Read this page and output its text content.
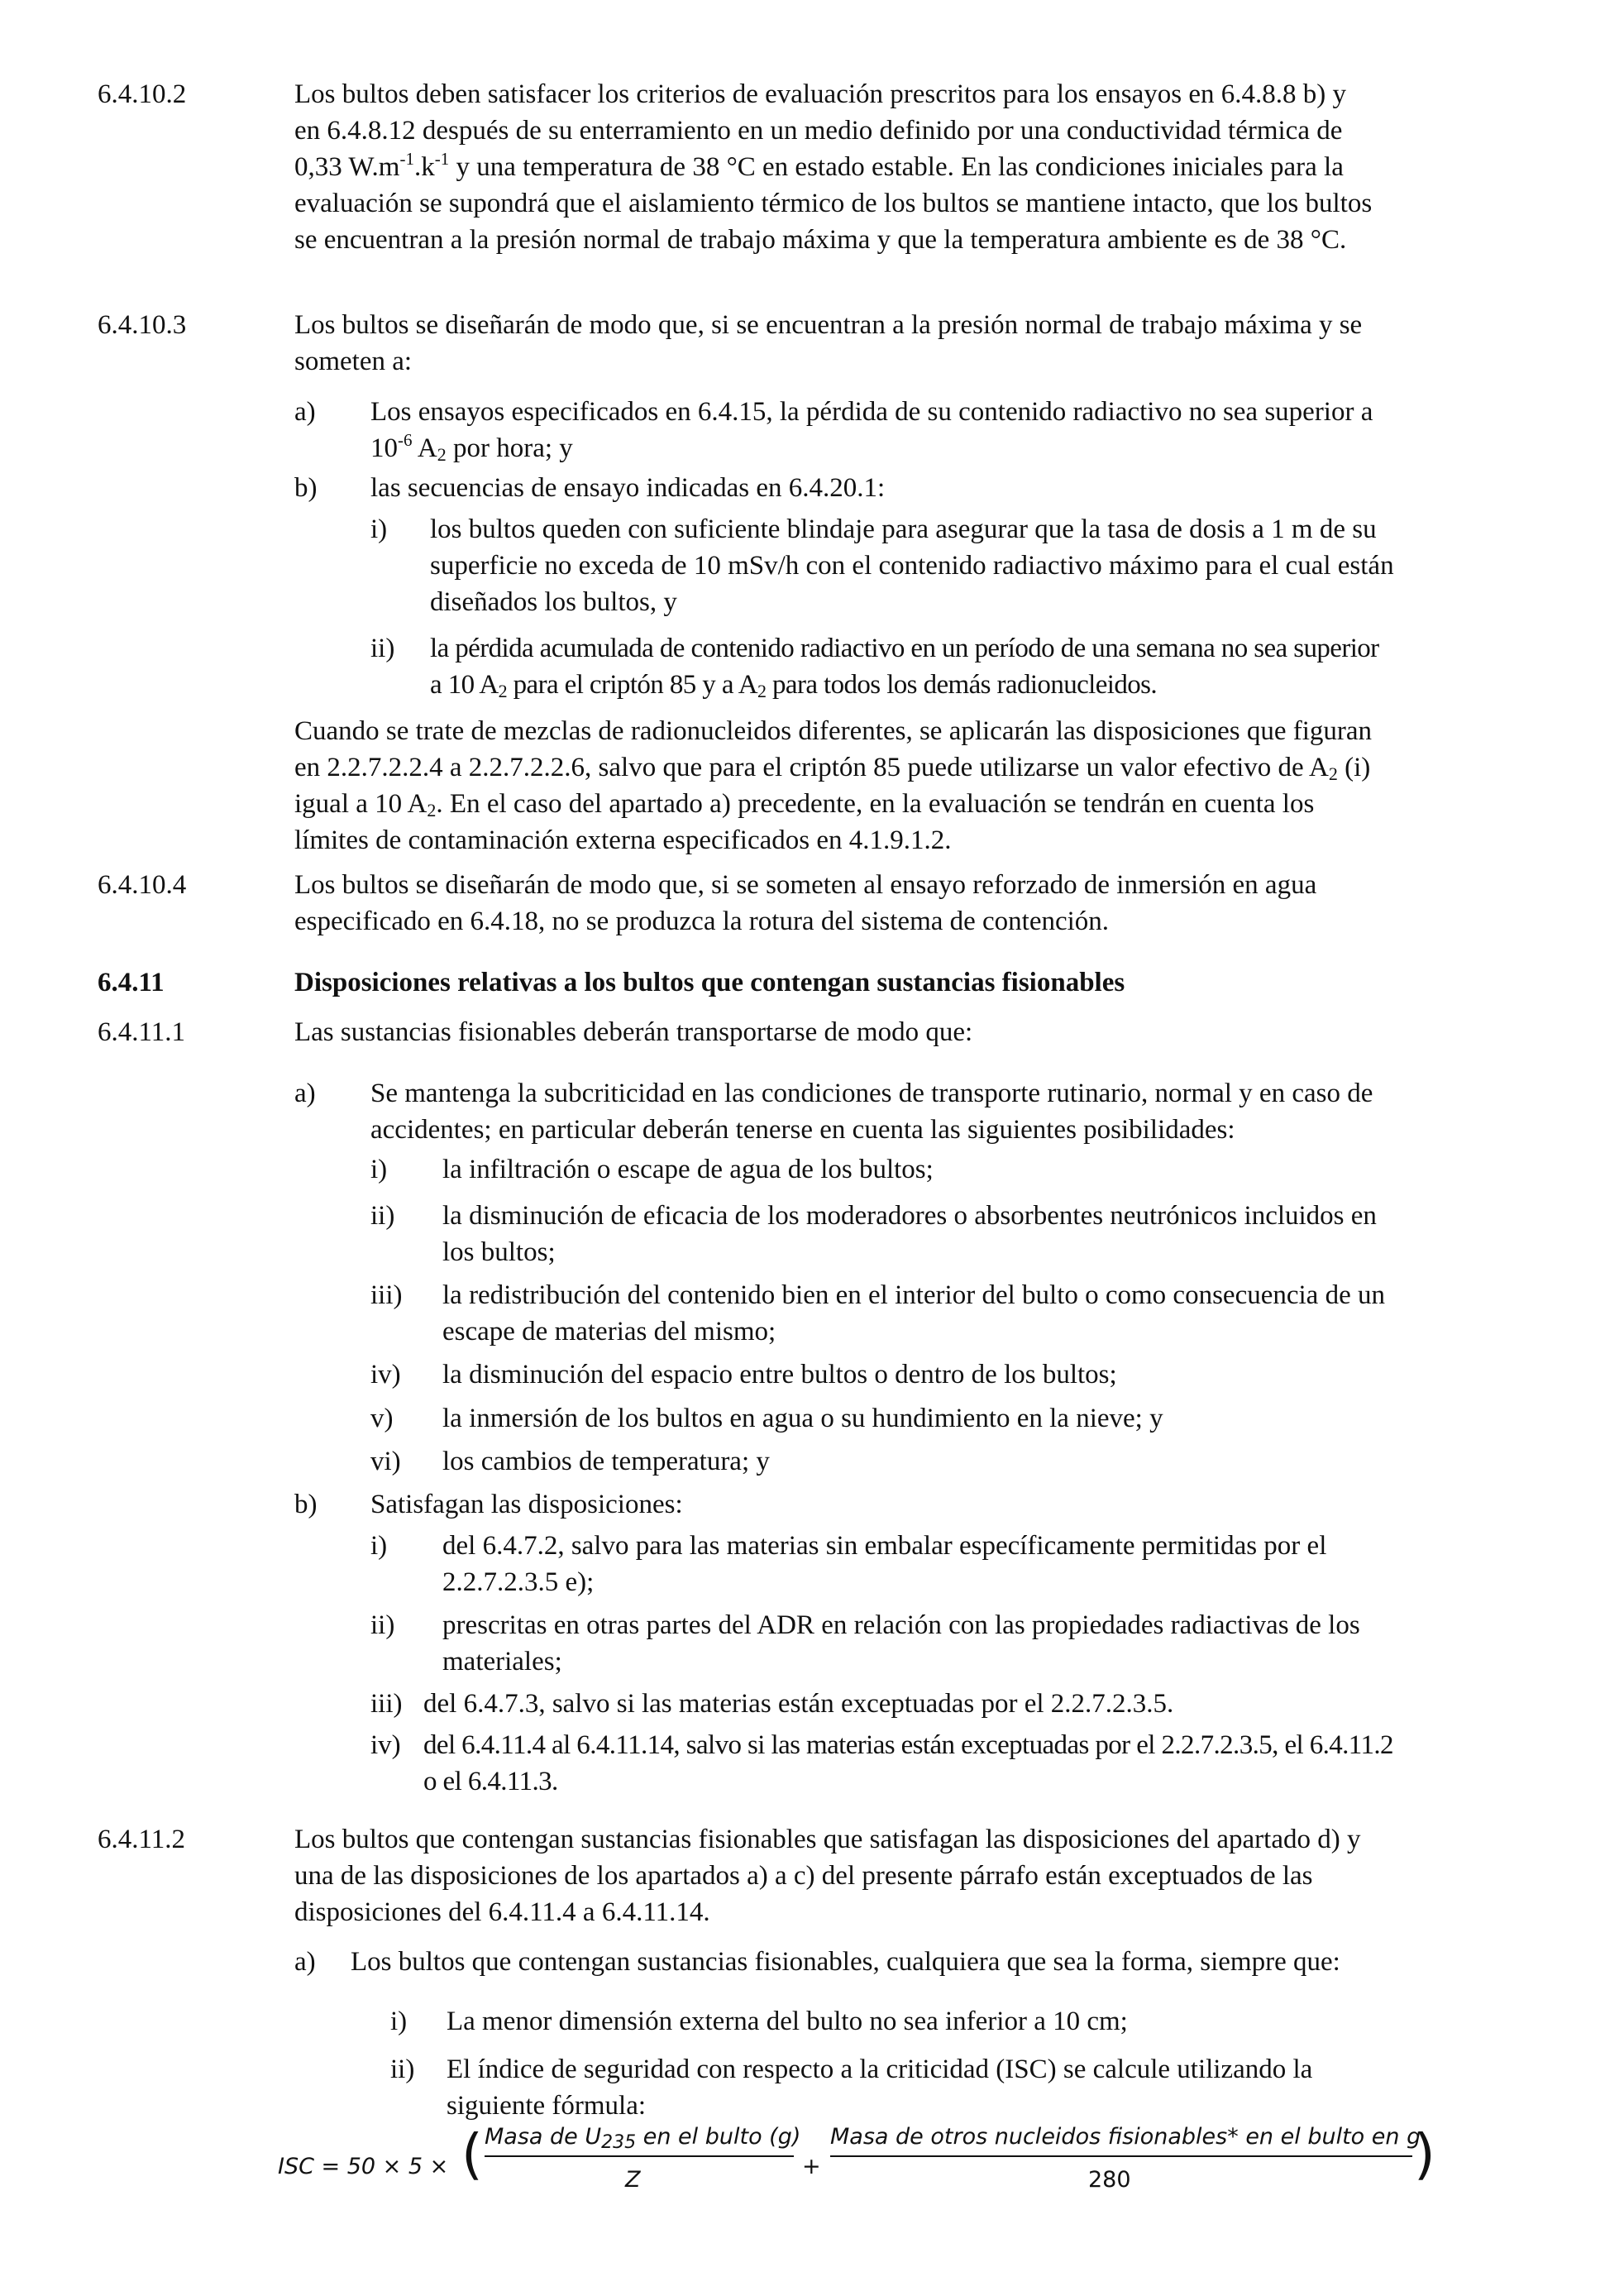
6.4.10.2	Los bultos deben satisfacer los criterios de evaluación prescritos para los ensayos en 6.4.8.8 b) y
en 6.4.8.12 después de su enterramiento en un medio definido por una conductividad térmica de
0,33 $W.m^{-1}.k^{-1}$ y una temperatura de 38 °C en estado estable. En las condiciones iniciales para la
evaluación se supondrá que el aislamiento térmico de los bultos se mantiene intacto, que los bultos
se encuentran a la presión normal de trabajo máxima y que la temperatura ambiente es de 38 °C.
6.4.10.3	Los bultos se diseñarán de modo que, si se encuentran a la presión normal de trabajo máxima y se
someten a:
a) Los ensayos especificados en 6.4.15, la pérdida de su contenido radiactivo no sea superior a
$10^{-6}$ $A_2$ por hora; y
b) las secuencias de ensayo indicadas en 6.4.20.1:
i) los bultos queden con suficiente blindaje para asegurar que la tasa de dosis a 1 m de su
superficie no exceda de 10 mSv/h con el contenido radiactivo máximo para el cual están
diseñados los bultos, y
ii) la pérdida acumulada de contenido radiactivo en un período de una semana no sea superior
a 10 $A_2$ para el criptón 85 y a $A_2$ para todos los demás radionucleidos.
Cuando se trate de mezclas de radionucleidos diferentes, se aplicarán las disposiciones que figuran
en 2.2.7.2.2.4 a 2.2.7.2.2.6, salvo que para el criptón 85 puede utilizarse un valor efectivo de $A_2$ (i)
igual a 10 $A_2$. En el caso del apartado a) precedente, en la evaluación se tendrán en cuenta los
límites de contaminación externa especificados en 4.1.9.1.2.
6.4.10.4	Los bultos se diseñarán de modo que, si se someten al ensayo reforzado de inmersión en agua
especificado en 6.4.18, no se produzca la rotura del sistema de contención.
6.4.11	Disposiciones relativas a los bultos que contengan sustancias fisionables
6.4.11.1	Las sustancias fisionables deberán transportarse de modo que:
a) Se mantenga la subcriticidad en las condiciones de transporte rutinario, normal y en caso de
accidentes; en particular deberán tenerse en cuenta las siguientes posibilidades:
i) la infiltración o escape de agua de los bultos;
ii) la disminución de eficacia de los moderadores o absorbentes neutrónicos incluidos en
los bultos;
iii) la redistribución del contenido bien en el interior del bulto o como consecuencia de un
escape de materias del mismo;
iv) la disminución del espacio entre bultos o dentro de los bultos;
v) la inmersión de los bultos en agua o su hundimiento en la nieve; y
vi) los cambios de temperatura; y
b) Satisfagan las disposiciones:
i) del 6.4.7.2, salvo para las materias sin embalar específicamente permitidas por el
2.2.7.2.3.5 e);
ii) prescritas en otras partes del ADR en relación con las propiedades radiactivas de los
materiales;
iii) del 6.4.7.3, salvo si las materias están exceptuadas por el 2.2.7.2.3.5.
iv) del 6.4.11.4 al 6.4.11.14, salvo si las materias están exceptuadas por el 2.2.7.2.3.5, el 6.4.11.2
o el 6.4.11.3.
6.4.11.2	Los bultos que contengan sustancias fisionables que satisfagan las disposiciones del apartado d) y
una de las disposiciones de los apartados a) a c) del presente párrafo están exceptuados de las
disposiciones del 6.4.11.4 a 6.4.11.14.
a) Los bultos que contengan sustancias fisionables, cualquiera que sea la forma, siempre que:
i) La menor dimensión externa del bulto no sea inferior a 10 cm;
ii) El índice de seguridad con respecto a la criticidad (ISC) se calcule utilizando la
siguiente fórmula:
ISC = 50 × 5 × ( Masa de $U_{235}$ en el bulto (g)
Z
+
Masa de otros nucleidos fisionables* en el bulto en g
280	)
